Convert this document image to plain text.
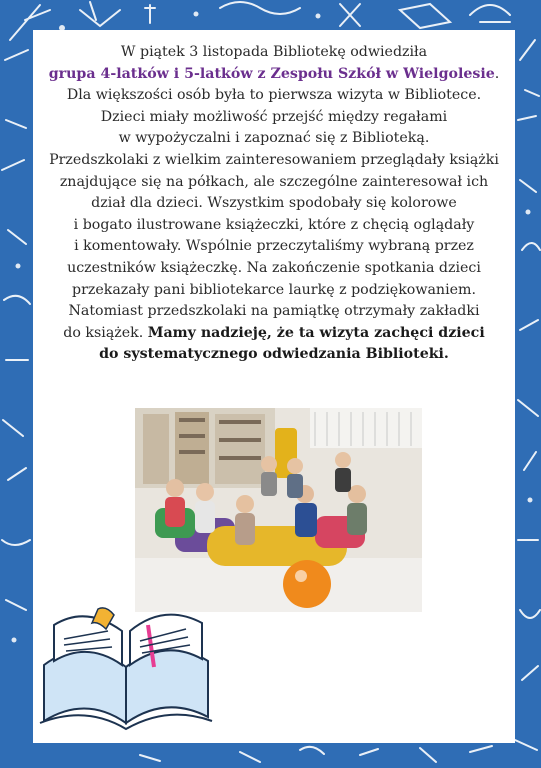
W piątek 3 listopada Bibliotekę odwiedziła
grupa 4-latków i 5-latków z Zespołu Szkół w Wielgolesie.
Dla większości osób była to pierwsza wizyta w Bibliotece.
Dzieci miały możliwość przejść między regałami
w wypożyczalni i zapoznać się z Biblioteką.
Przedszkolaki z wielkim zainteresowaniem przeglądały książki
znajdujące się na półkach, ale szczególne zainteresował ich
dział dla dzieci. Wszystkim spodobały się kolorowe
i bogato ilustrowane książeczki, które z chęcią oglądały
i komentowały. Wspólnie przeczytaliśmy wybraną przez
uczestników książeczkę. Na zakończenie spotkania dzieci
przekazały pani bibliotekarce laurkę z podziękowaniem.
Natomiast przedszkolaki na pamiątkę otrzymały zakładki
do książek. Mamy nadzieję, że ta wizyta zachęci dzieci
do systematycznego odwiedzania Biblioteki.
